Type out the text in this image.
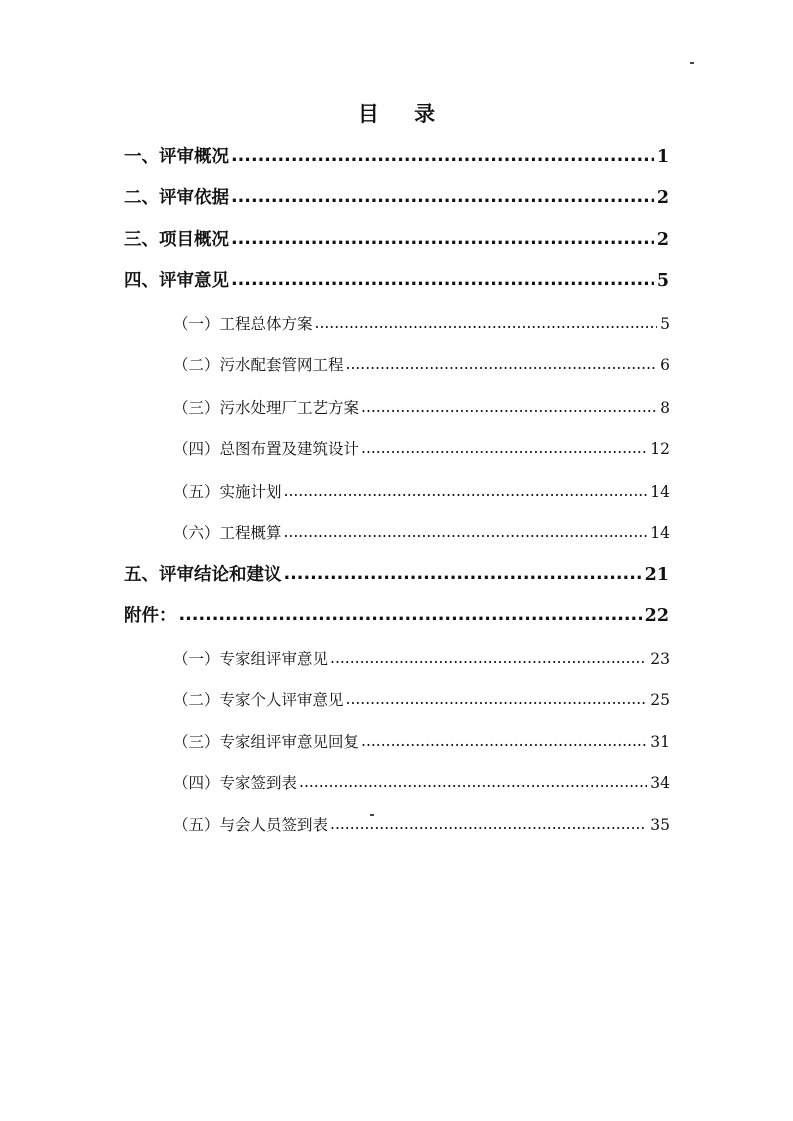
目 录
一、评审概况 .....	1
二、评审依据 .....	2
三、项目概况 .....	2
四、评审意见 .....	5
（一）工程总体方案 .....	5
（二）污水配套管网工程 .....	6
（三）污水处理厂工艺方案 .....	8
（四）总图布置及建筑设计 .....	12
（五）实施计划 .....	14
（六）工程概算 .....	14
五、评审结论和建议 .....	21
附件： .....	22
（一）专家组评审意见 .....	23
（二）专家个人评审意见 .....	25
（三）专家组评审意见回复 .....	31
（四）专家签到表 .....	34
（五）与会人员签到表 .....	35
